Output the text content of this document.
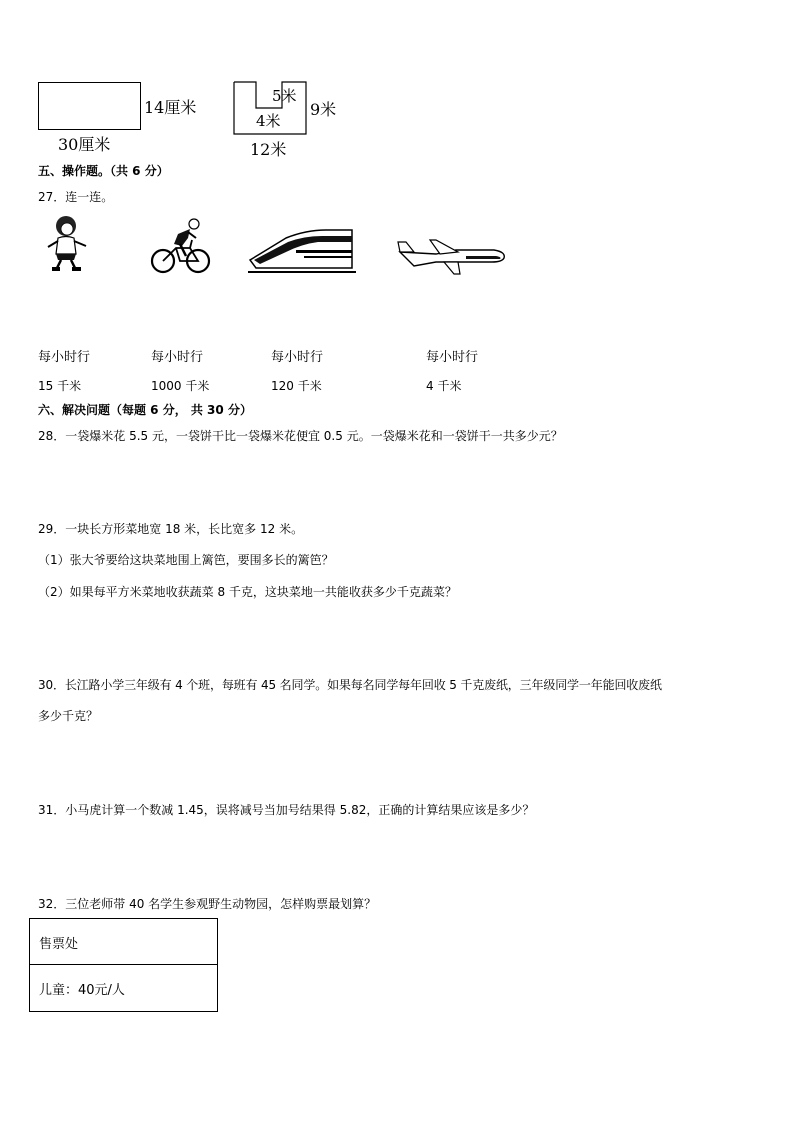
14厘米
30厘米
5米
4米
9米
12米
五、操作题。（共 6 分）
27．连一连。
每小时行
15 千米
每小时行
1000 千米
每小时行
120 千米
每小时行
4 千米
六、解决问题（每题 6 分， 共 30 分）
28．一袋爆米花 5.5 元，一袋饼干比一袋爆米花便宜 0.5 元。一袋爆米花和一袋饼干一共多少元？
29．一块长方形菜地宽 18 米，长比宽多 12 米。
（1）张大爷要给这块菜地围上篱笆，要围多长的篱笆？
（2）如果每平方米菜地收获蔬菜 8 千克，这块菜地一共能收获多少千克蔬菜？
30．长江路小学三年级有 4 个班，每班有 45 名同学。如果每名同学每年回收 5 千克废纸，三年级同学一年能回收废纸
多少千克？
31．小马虎计算一个数减 1.45，误将减号当加号结果得 5.82，正确的计算结果应该是多少？
32．三位老师带 40 名学生参观野生动物园，怎样购票最划算？
售票处
儿童：40元/人
